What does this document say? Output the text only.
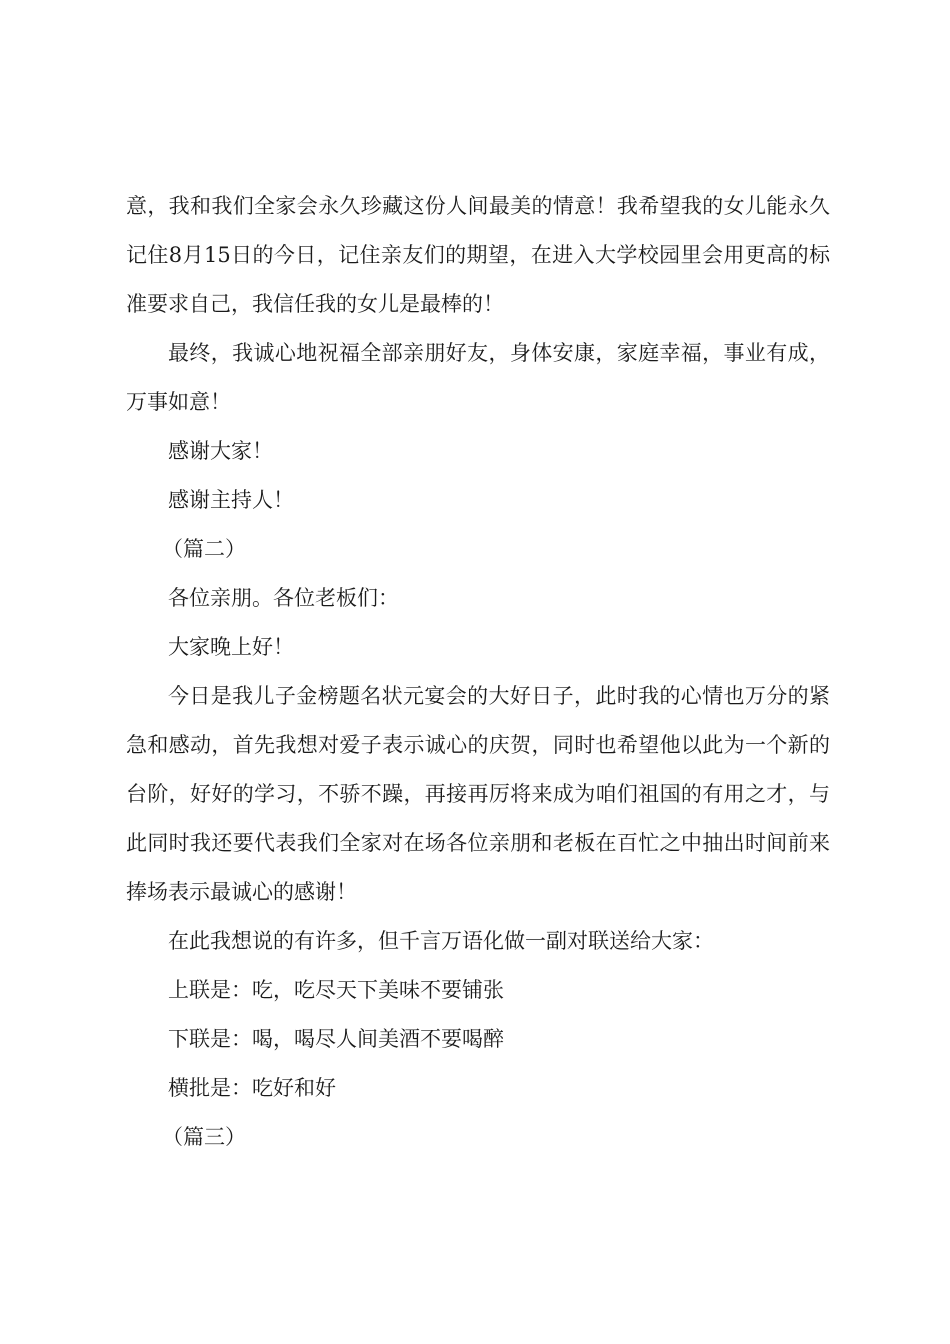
意，我和我们全家会永久珍藏这份人间最美的情意！我希望我的女儿能永久记住8月15日的今日，记住亲友们的期望，在进入大学校园里会用更高的标准要求自己，我信任我的女儿是最棒的！

最终，我诚心地祝福全部亲朋好友，身体安康，家庭幸福，事业有成，万事如意！

感谢大家！

感谢主持人！

（篇二）

各位亲朋。各位老板们：

大家晚上好！

今日是我儿子金榜题名状元宴会的大好日子，此时我的心情也万分的紧急和感动，首先我想对爱子表示诚心的庆贺，同时也希望他以此为一个新的台阶，好好的学习，不骄不躁，再接再厉将来成为咱们祖国的有用之才，与此同时我还要代表我们全家对在场各位亲朋和老板在百忙之中抽出时间前来捧场表示最诚心的感谢！

在此我想说的有许多，但千言万语化做一副对联送给大家：

上联是：吃，吃尽天下美味不要铺张

下联是：喝，喝尽人间美酒不要喝醉

横批是：吃好和好

（篇三）
